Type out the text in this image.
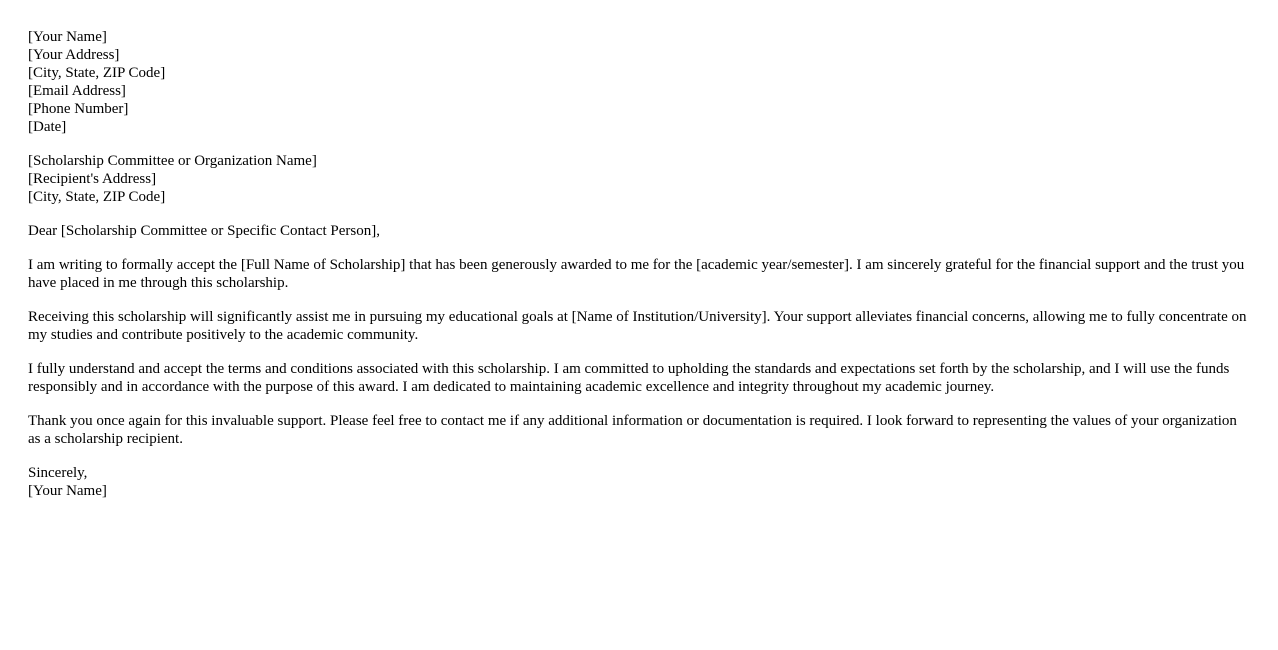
[Your Name]
[Your Address]
[City, State, ZIP Code]
[Email Address]
[Phone Number]
[Date]
[Scholarship Committee or Organization Name]
[Recipient's Address]
[City, State, ZIP Code]

Dear [Scholarship Committee or Specific Contact Person],

I am writing to formally accept the [Full Name of Scholarship] that has been generously awarded to me for the [academic year/semester]. I am sincerely grateful for the financial support and the trust you have placed in me through this scholarship.

Receiving this scholarship will significantly assist me in pursuing my educational goals at [Name of Institution/University]. Your support alleviates financial concerns, allowing me to fully concentrate on my studies and contribute positively to the academic community.

I fully understand and accept the terms and conditions associated with this scholarship. I am committed to upholding the standards and expectations set forth by the scholarship, and I will use the funds responsibly and in accordance with the purpose of this award. I am dedicated to maintaining academic excellence and integrity throughout my academic journey.

Thank you once again for this invaluable support. Please feel free to contact me if any additional information or documentation is required. I look forward to representing the values of your organization as a scholarship recipient.

Sincerely,
[Your Name]
